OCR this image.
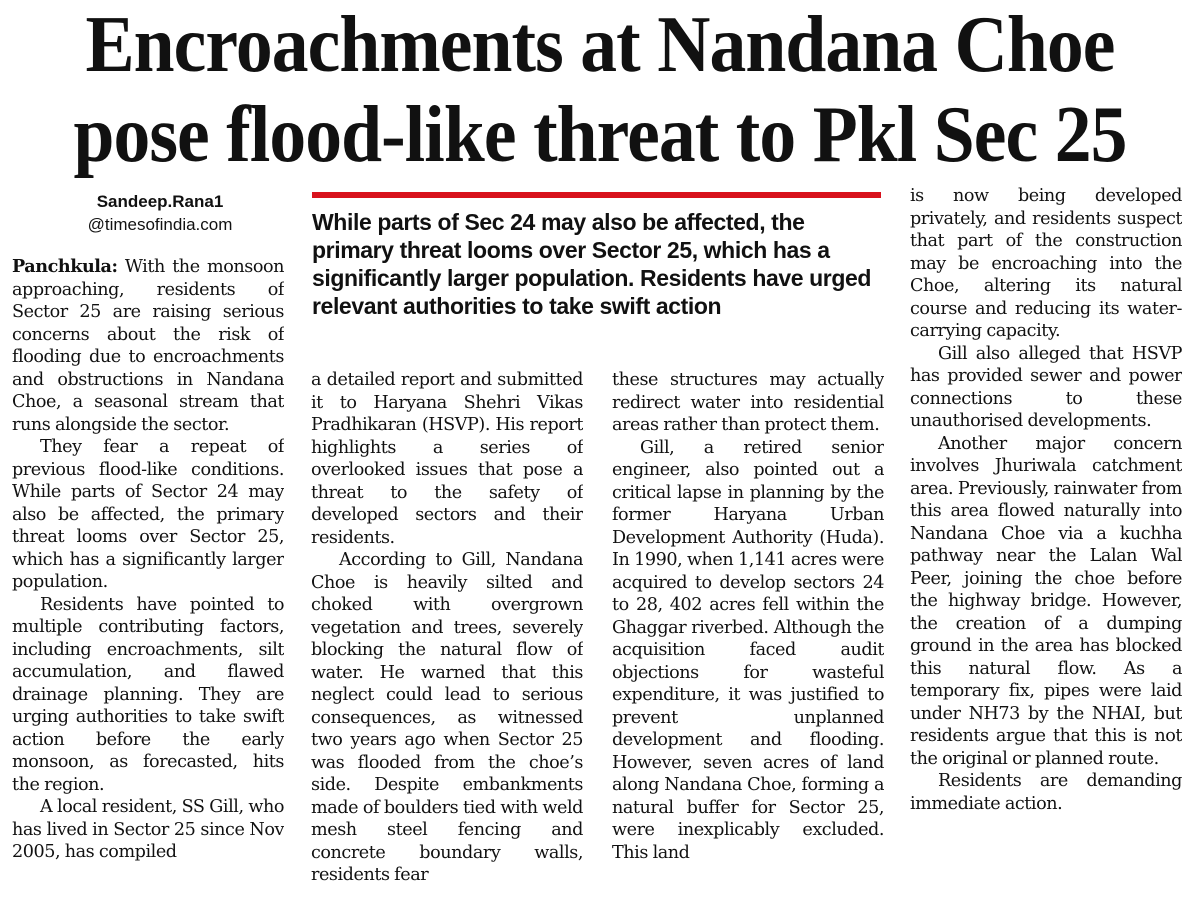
Encroachments at Nandana Choe
pose flood-like threat to Pkl Sec 25
Sandeep.Rana1
@timesofindia.com	While parts of Sec 24 may also be affected, the primary threat looms over Sector 25, which has a significantly larger population. Residents have urged relevant authorities to take swift action

Panchkula: With the monsoon approaching, residents of Sector 25 are raising serious concerns about the risk of flooding due to encroachments and obstructions in Nandana Choe, a seasonal stream that runs alongside the sector.

They fear a repeat of previous flood-like conditions. While parts of Sector 24 may also be affected, the primary threat looms over Sector 25, which has a significantly larger population.

Residents have pointed to multiple contributing factors, including encroachments, silt accumulation, and flawed drainage planning. They are urging authorities to take swift action before the early monsoon, as forecasted, hits the region.

A local resident, SS Gill, who has lived in Sector 25 since Nov 2005, has compiled

a detailed report and submitted it to Haryana Shehri Vikas Pradhikaran (HSVP). His report highlights a series of overlooked issues that pose a threat to the safety of developed sectors and their residents.

According to Gill, Nandana Choe is heavily silted and choked with overgrown vegetation and trees, severely blocking the natural flow of water. He warned that this neglect could lead to serious consequences, as witnessed two years ago when Sector 25 was flooded from the choe’s side. Despite embankments made of boulders tied with weld mesh steel fencing and concrete boundary walls, residents fear

these structures may actually redirect water into residential areas rather than protect them.

Gill, a retired senior engineer, also pointed out a critical lapse in planning by the former Haryana Urban Development Authority (Huda). In 1990, when 1,141 acres were acquired to develop sectors 24 to 28, 402 acres fell within the Ghaggar riverbed. Although the acquisition faced audit objections for wasteful expenditure, it was justified to prevent unplanned development and flooding. However, seven acres of land along Nandana Choe, forming a natural buffer for Sector 25, were inexplicably excluded. This land

is now being developed privately, and residents suspect that part of the construction may be encroaching into the Choe, altering its natural course and reducing its water-carrying capacity.

Gill also alleged that HSVP has provided sewer and power connections to these unauthorised developments.

Another major concern involves Jhuriwala catchment area. Previously, rainwater from this area flowed naturally into Nandana Choe via a kuchha pathway near the Lalan Wal Peer, joining the choe before the highway bridge. However, the creation of a dumping ground in the area has blocked this natural flow. As a temporary fix, pipes were laid under NH73 by the NHAI, but residents argue that this is not the original or planned route.

Residents are demanding immediate action.
